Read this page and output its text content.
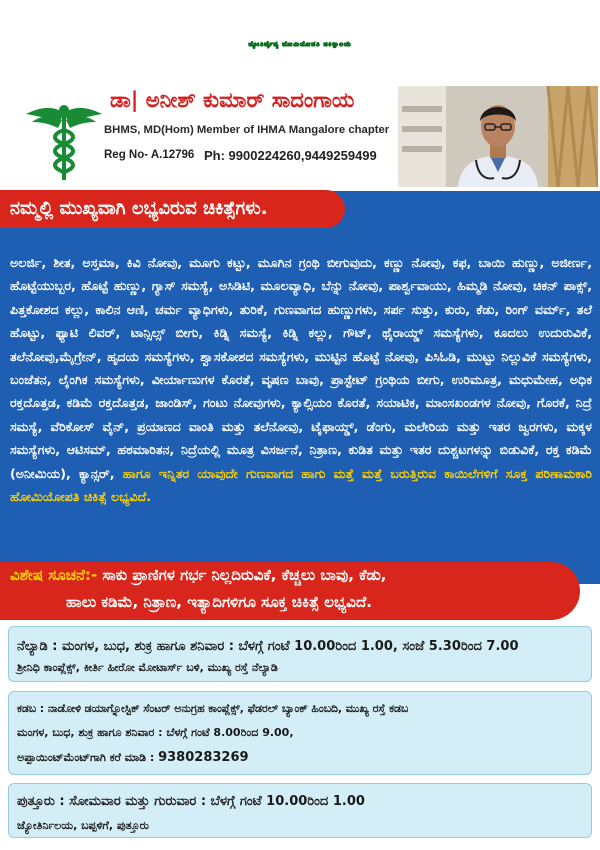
ಜ್ಯೋತಿರ್ವೈದ್ಯ ಹೋಮಿಯೋಪತಿ ಚಿಕಿತ್ಸಾಲಯ
ಡಾ| ಅನೀಶ್ ಕುಮಾರ್ ಸಾದಂಗಾಯ
BHMS, MD(Hom) Member of IHMA Mangalore chapter
Reg No- A.12796 Ph: 9900224260,9449259499
ನಮ್ಮಲ್ಲಿ ಮುಖ್ಯವಾಗಿ ಲಭ್ಯವಿರುವ ಚಿಕಿತ್ಸೆಗಳು.
ಅಲರ್ಜಿ, ಶೀತ, ಅಸ್ತಮಾ, ಕಿವಿ ನೋವು, ಮೂಗು ಕಟ್ಟು, ಮೂಗಿನ ಗ್ರಂಥಿ ಬೀಗುವುದು, ಕಣ್ಣು ನೋವು, ಕಫ, ಬಾಯಿ ಹುಣ್ಣು, ಅಜೀರ್ಣ, ಹೊಟ್ಟೆಯುಬ್ಬರ, ಹೊಟ್ಟೆ ಹುಣ್ಣು, ಗ್ಯಾಸ್ ಸಮಸ್ಯೆ, ಅಸಿಡಿಟಿ, ಮೂಲವ್ಯಾಧಿ, ಬೆನ್ನು ನೋವು, ಪಾರ್ಶ್ವವಾಯು, ಹಿಮ್ಮಡಿ ನೋವು, ಚಿಕನ್ ಪಾಕ್ಸ್, ಪಿತ್ತಕೋಶದ ಕಲ್ಲು, ಕಾಲಿನ ಆಣಿ, ಚರ್ಮ ವ್ಯಾಧಿಗಳು, ತುರಿಕೆ, ಗುಣವಾಗದ ಹುಣ್ಣುಗಳು, ಸರ್ಪ ಸುತ್ತು, ಕುರು, ಕೆಡು, ರಿಂಗ್ ವರ್ಮ್, ತಲೆ ಹೊಟ್ಟು, ಫ್ಯಾಟಿ ಲಿವರ್, ಟಾನ್ಸಿಲ್ಸ್ ಬೀಗು, ಕಿಡ್ನಿ ಸಮಸ್ಯೆ, ಕಿಡ್ನಿ ಕಲ್ಲು, ಗೌಟ್, ಥೈರಾಯ್ಡ್ ಸಮಸ್ಯೆಗಳು, ಕೂದಲು ಉದುರುವಿಕೆ, ತಲೆನೋವು,ಮೈಗ್ರೇನ್, ಹೃದಯ ಸಮಸ್ಯೆಗಳು, ಶ್ವಾಸಕೋಶದ ಸಮಸ್ಯೆಗಳು, ಮುಟ್ಟಿನ ಹೊಟ್ಟೆ ನೋವು, ಪಿಸಿಓಡಿ, ಮುಟ್ಟು ನಿಲ್ಲುವಿಕೆ ಸಮಸ್ಯೆಗಳು, ಬಂಜೆತನ, ಲೈಂಗಿಕ ಸಮಸ್ಯೆಗಳು, ವೀರ್ಯಾಣುಗಳ ಕೊರತೆ, ವೃಷಣ ಬಾವು, ಪ್ರಾಸ್ಟೇಟ್ ಗ್ರಂಥಿಯ ಬೀಗು, ಉರಿಮೂತ್ರ, ಮಧುಮೇಹ, ಅಧಿಕ ರಕ್ತದೊತ್ತಡ, ಕಡಿಮೆ ರಕ್ತದೊತ್ತಡ, ಜಾಂಡಿಸ್, ಗಂಟು ನೋವುಗಳು, ಕ್ಯಾಲ್ಸಿಯಂ ಕೊರತೆ, ಸಯಾಟಿಕ, ಮಾಂಸಖಂಡಗಳ ನೋವು, ಗೊರಕೆ, ನಿದ್ರೆ ಸಮಸ್ಯೆ, ವೆರಿಕೋಸ್ ವೈನ್, ಪ್ರಯಾಣದ ವಾಂತಿ ಮತ್ತು ತಲೆನೋವು, ಟೈಫಾಯ್ಡ್, ಡೆಂಗು, ಮಲೇರಿಯ ಮತ್ತು ಇತರ ಜ್ವರಗಳು, ಮಕ್ಕಳ ಸಮಸ್ಯೆಗಳು, ಆಟಿಸಮ್, ಹಠಮಾರಿತನ, ನಿದ್ರೆಯಲ್ಲಿ ಮೂತ್ರ ವಿಸರ್ಜನೆ, ನಿತ್ರಾಣ, ಕುಡಿತ ಮತ್ತು ಇತರ ದುಶ್ಚಟಗಳನ್ನು ಬಿಡುವಿಕೆ, ರಕ್ತ ಕಡಿಮೆ (ಅನೀಮಿಯ), ಕ್ಯಾನ್ಸರ್, ಹಾಗೂ ಇನ್ನಿತರ ಯಾವುದೇ ಗುಣವಾಗದ ಹಾಗು ಮತ್ತೆ ಮತ್ತೆ ಬರುತ್ತಿರುವ ಕಾಯಿಲೆಗಳಿಗೆ ಸೂಕ್ತ ಪರಿಣಾಮಕಾರಿ ಹೋಮಿಯೋಪತಿ ಚಿಕಿತ್ಸೆ ಲಭ್ಯವಿದೆ.
ವಿಶೇಷ ಸೂಚನೆ:- ಸಾಕು ಪ್ರಾಣಿಗಳ ಗರ್ಭ ನಿಲ್ಲದಿರುವಿಕೆ, ಕೆಚ್ಚಲು ಬಾವು, ಕೆಡು,
ಹಾಲು ಕಡಿಮೆ, ನಿತ್ರಾಣ, ಇತ್ಯಾದಿಗಳಿಗೂ ಸೂಕ್ತ ಚಿಕಿತ್ಸೆ ಲಭ್ಯವಿದೆ.
ನೆಲ್ಯಾಡಿ : ಮಂಗಳ, ಬುಧ, ಶುಕ್ರ ಹಾಗೂ ಶನಿವಾರ : ಬೆಳಗ್ಗೆ ಗಂಟೆ 10.00ರಿಂದ 1.00, ಸಂಜೆ 5.30ರಿಂದ 7.00
ಶ್ರೀನಿಧಿ ಕಾಂಪ್ಲೆಕ್ಸ್, ಕೀರ್ತಿ ಹೀರೋ ಮೋಟಾರ್ಸ್ ಬಳಿ, ಮುಖ್ಯ ರಸ್ತೆ ನೆಲ್ಯಾಡಿ
ಕಡಬ : ನಾಡೋಳಿ ಡಯಾಗ್ನೋಸ್ಟಿಕ್ ಸೆಂಟರ್ ಅನುಗ್ರಹ ಕಾಂಪ್ಲೆಕ್ಸ್, ಫೆಡರಲ್ ಬ್ಯಾಂಕ್ ಹಿಂಬದಿ, ಮುಖ್ಯ ರಸ್ತೆ ಕಡಬ
ಮಂಗಳ, ಬುಧ, ಶುಕ್ರ ಹಾಗೂ ಶನಿವಾರ : ಬೆಳಗ್ಗೆ ಗಂಟೆ 8.00ರಿಂದ 9.00,
ಅಪ್ಪಾಯಿಂಟ್‌ಮೆಂಟ್‌ಗಾಗಿ ಕರೆ ಮಾಡಿ : 9380283269
ಪುತ್ತೂರು : ಸೋಮವಾರ ಮತ್ತು ಗುರುವಾರ : ಬೆಳಗ್ಗೆ ಗಂಟೆ 10.00ರಿಂದ 1.00
ಜ್ಯೋತಿರ್ನಿಲಯ, ಬಪ್ಪಳಿಗೆ, ಪುತ್ತೂರು
